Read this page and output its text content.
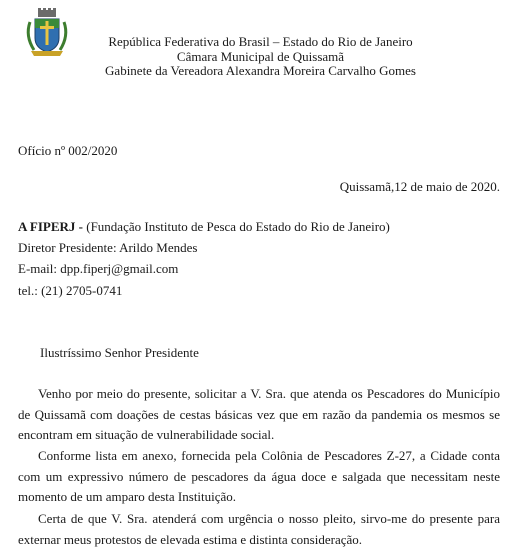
República Federativa do Brasil – Estado do Rio de Janeiro
Câmara Municipal de Quissamã
Gabinete da Vereadora Alexandra Moreira Carvalho Gomes
Ofício nº 002/2020
Quissamã,12 de maio de 2020.
A FIPERJ - (Fundação Instituto de Pesca do Estado do Rio de Janeiro)
Diretor Presidente: Arildo Mendes
E-mail: dpp.fiperj@gmail.com
tel.: (21) 2705-0741
Ilustríssimo Senhor Presidente
Venho por meio do presente, solicitar a V. Sra. que atenda os Pescadores do Município de Quissamã com doações de cestas básicas vez que em razão da pandemia os mesmos se encontram em situação de vulnerabilidade social.
Conforme lista em anexo, fornecida pela Colônia de Pescadores Z-27, a Cidade conta com um expressivo número de pescadores da água doce e salgada que necessitam neste momento de um amparo desta Instituição.
Certa de que V. Sra. atenderá com urgência o nosso pleito, sirvo-me do presente para externar meus protestos de elevada estima e distinta consideração.
